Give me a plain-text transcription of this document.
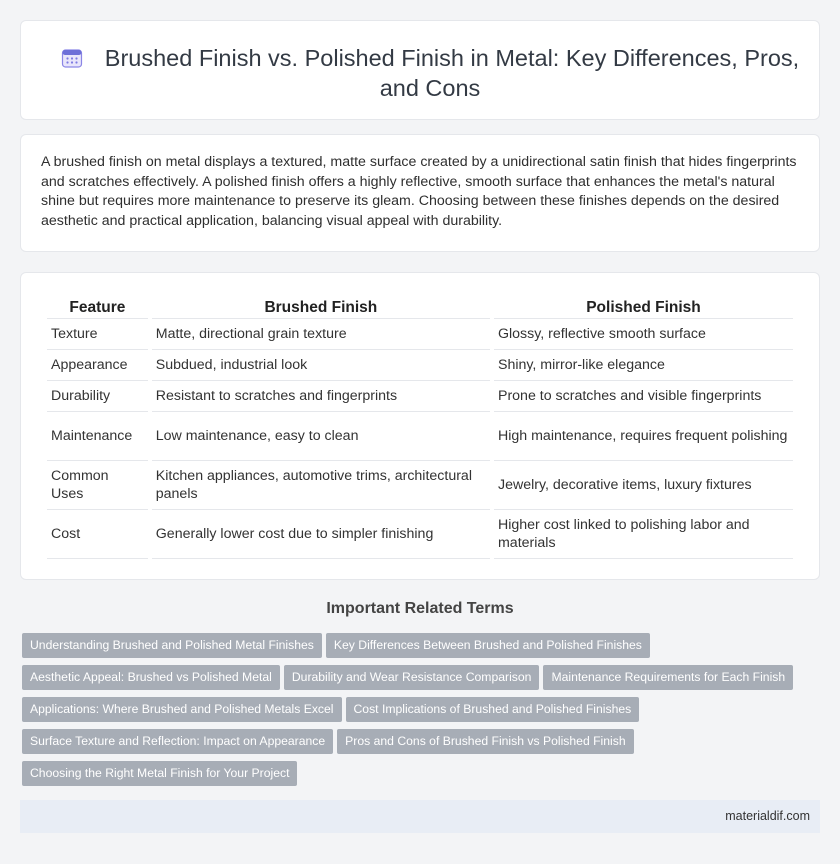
Brushed Finish vs. Polished Finish in Metal: Key Differences, Pros, and Cons

A brushed finish on metal displays a textured, matte surface created by a unidirectional satin finish that hides fingerprints and scratches effectively. A polished finish offers a highly reflective, smooth surface that enhances the metal's natural shine but requires more maintenance to preserve its gleam. Choosing between these finishes depends on the desired aesthetic and practical application, balancing visual appeal with durability.

Feature	Brushed Finish	Polished Finish
Texture	Matte, directional grain texture	Glossy, reflective smooth surface
Appearance	Subdued, industrial look	Shiny, mirror-like elegance
Durability	Resistant to scratches and fingerprints	Prone to scratches and visible fingerprints
Maintenance	Low maintenance, easy to clean	High maintenance, requires frequent polishing
Common Uses	Kitchen appliances, automotive trims, architectural panels	Jewelry, decorative items, luxury fixtures
Cost	Generally lower cost due to simpler finishing	Higher cost linked to polishing labor and materials
Important Related Terms
Understanding Brushed and Polished Metal Finishes Key Differences Between Brushed and Polished Finishes
Aesthetic Appeal: Brushed vs Polished Metal Durability and Wear Resistance Comparison Maintenance Requirements for Each Finish
Applications: Where Brushed and Polished Metals Excel Cost Implications of Brushed and Polished Finishes
Surface Texture and Reflection: Impact on Appearance Pros and Cons of Brushed Finish vs Polished Finish
Choosing the Right Metal Finish for Your Project
materialdif.com
